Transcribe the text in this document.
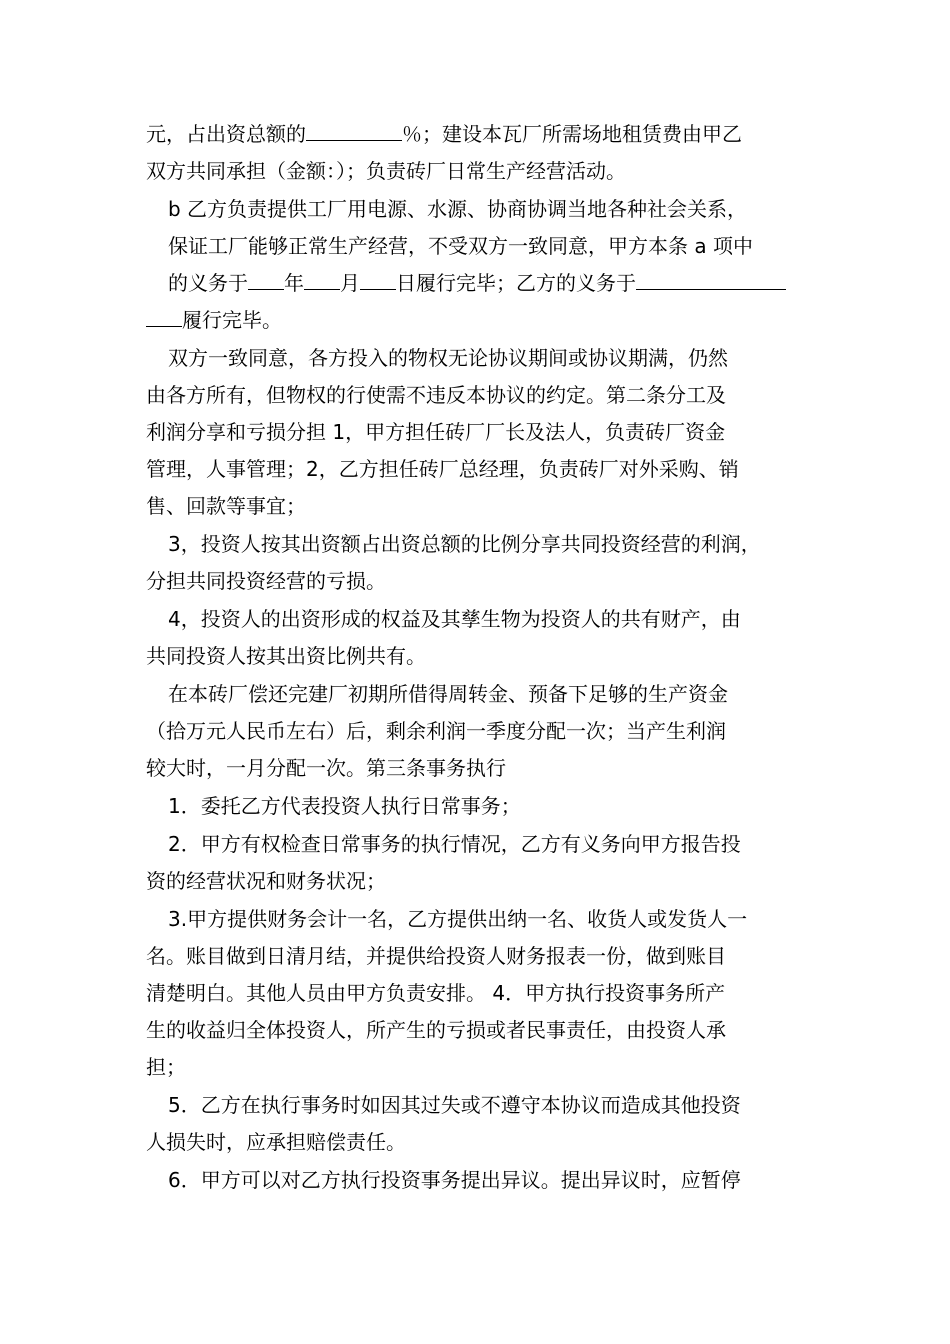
元，占出资总额的	％；建设本瓦厂所需场地租赁费由甲乙
双方共同承担（金额：）；负责砖厂日常生产经营活动。

b 乙方负责提供工厂用电源、水源、协商协调当地各种社会关系，
保证工厂能够正常生产经营，不受双方一致同意，甲方本条 a 项中
的义务于 年 月 日履行完毕；乙方的义务于
履行完毕。

双方一致同意，各方投入的物权无论协议期间或协议期满，仍然
由各方所有，但物权的行使需不违反本协议的约定。第二条分工及
利润分享和亏损分担 1，甲方担任砖厂厂长及法人，负责砖厂资金
管理，人事管理；2，乙方担任砖厂总经理，负责砖厂对外采购、销
售、回款等事宜；

3，投资人按其出资额占出资总额的比例分享共同投资经营的利润，
分担共同投资经营的亏损。

4，投资人的出资形成的权益及其孳生物为投资人的共有财产，由
共同投资人按其出资比例共有。

在本砖厂偿还完建厂初期所借得周转金、预备下足够的生产资金
（拾万元人民币左右）后，剩余利润一季度分配一次；当产生利润
较大时，一月分配一次。第三条事务执行

1．委托乙方代表投资人执行日常事务；

2．甲方有权检查日常事务的执行情况，乙方有义务向甲方报告投
资的经营状况和财务状况；

3.甲方提供财务会计一名，乙方提供出纳一名、收货人或发货人一
名。账目做到日清月结，并提供给投资人财务报表一份，做到账目
清楚明白。其他人员由甲方负责安排。 4．甲方执行投资事务所产
生的收益归全体投资人，所产生的亏损或者民事责任，由投资人承
担；

5．乙方在执行事务时如因其过失或不遵守本协议而造成其他投资
人损失时，应承担赔偿责任。

6．甲方可以对乙方执行投资事务提出异议。提出异议时，应暂停
